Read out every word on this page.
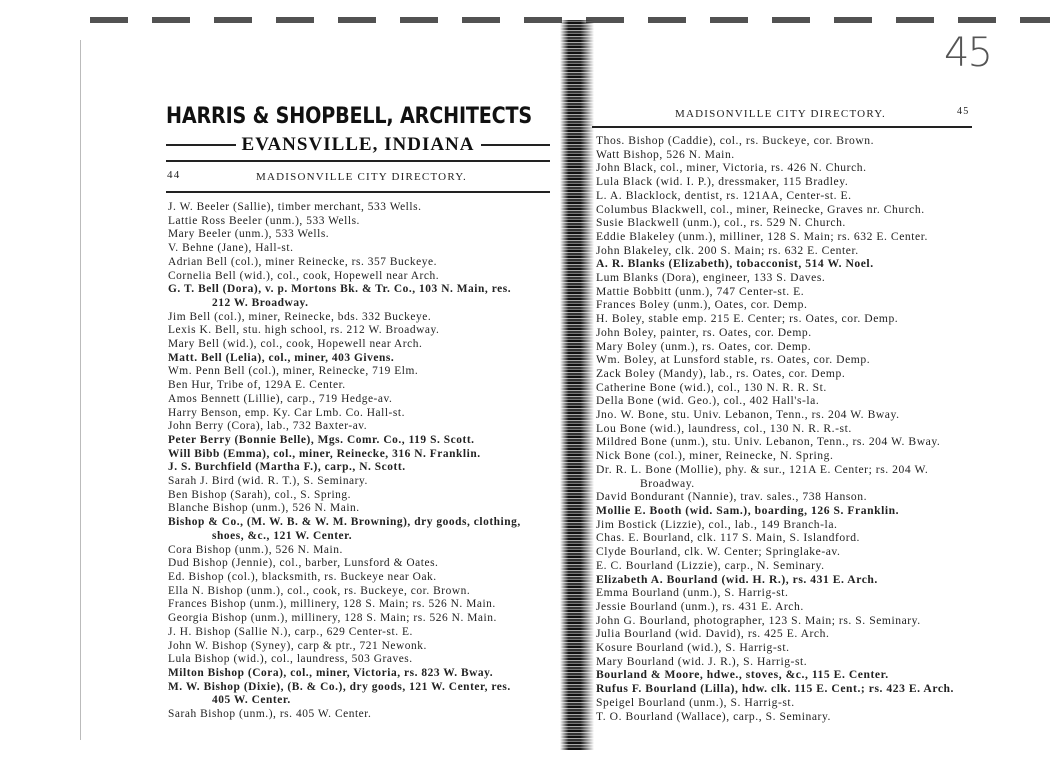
45
HARRIS & SHOPBELL, ARCHITECTS
EVANSVILLE, INDIANA
44	MADISONVILLE CITY DIRECTORY.
J. W. Beeler (Sallie), timber merchant, 533 Wells.
Lattie Ross Beeler (unm.), 533 Wells.
Mary Beeler (unm.), 533 Wells.
V. Behne (Jane), Hall-st.
Adrian Bell (col.), miner Reinecke, rs. 357 Buckeye.
Cornelia Bell (wid.), col., cook, Hopewell near Arch.
G. T. Bell (Dora), v. p. Mortons Bk. & Tr. Co., 103 N. Main, res.
212 W. Broadway.
Jim Bell (col.), miner, Reinecke, bds. 332 Buckeye.
Lexis K. Bell, stu. high school, rs. 212 W. Broadway.
Mary Bell (wid.), col., cook, Hopewell near Arch.
Matt. Bell (Lelia), col., miner, 403 Givens.
Wm. Penn Bell (col.), miner, Reinecke, 719 Elm.
Ben Hur, Tribe of, 129A E. Center.
Amos Bennett (Lillie), carp., 719 Hedge-av.
Harry Benson, emp. Ky. Car Lmb. Co. Hall-st.
John Berry (Cora), lab., 732 Baxter-av.
Peter Berry (Bonnie Belle), Mgs. Comr. Co., 119 S. Scott.
Will Bibb (Emma), col., miner, Reinecke, 316 N. Franklin.
J. S. Burchfield (Martha F.), carp., N. Scott.
Sarah J. Bird (wid. R. T.), S. Seminary.
Ben Bishop (Sarah), col., S. Spring.
Blanche Bishop (unm.), 526 N. Main.
Bishop & Co., (M. W. B. & W. M. Browning), dry goods, clothing,
shoes, &c., 121 W. Center.
Cora Bishop (unm.), 526 N. Main.
Dud Bishop (Jennie), col., barber, Lunsford & Oates.
Ed. Bishop (col.), blacksmith, rs. Buckeye near Oak.
Ella N. Bishop (unm.), col., cook, rs. Buckeye, cor. Brown.
Frances Bishop (unm.), millinery, 128 S. Main; rs. 526 N. Main.
Georgia Bishop (unm.), millinery, 128 S. Main; rs. 526 N. Main.
J. H. Bishop (Sallie N.), carp., 629 Center-st. E.
John W. Bishop (Syney), carp & ptr., 721 Newonk.
Lula Bishop (wid.), col., laundress, 503 Graves.
Milton Bishop (Cora), col., miner, Victoria, rs. 823 W. Bway.
M. W. Bishop (Dixie), (B. & Co.), dry goods, 121 W. Center, res.
405 W. Center.
Sarah Bishop (unm.), rs. 405 W. Center.
MADISONVILLE CITY DIRECTORY.	45
Thos. Bishop (Caddie), col., rs. Buckeye, cor. Brown.
Watt Bishop, 526 N. Main.
John Black, col., miner, Victoria, rs. 426 N. Church.
Lula Black (wid. I. P.), dressmaker, 115 Bradley.
L. A. Blacklock, dentist, rs. 121AA, Center-st. E.
Columbus Blackwell, col., miner, Reinecke, Graves nr. Church.
Susie Blackwell (unm.), col., rs. 529 N. Church.
Eddie Blakeley (unm.), milliner, 128 S. Main; rs. 632 E. Center.
John Blakeley, clk. 200 S. Main; rs. 632 E. Center.
A. R. Blanks (Elizabeth), tobacconist, 514 W. Noel.
Lum Blanks (Dora), engineer, 133 S. Daves.
Mattie Bobbitt (unm.), 747 Center-st. E.
Frances Boley (unm.), Oates, cor. Demp.
H. Boley, stable emp. 215 E. Center; rs. Oates, cor. Demp.
John Boley, painter, rs. Oates, cor. Demp.
Mary Boley (unm.), rs. Oates, cor. Demp.
Wm. Boley, at Lunsford stable, rs. Oates, cor. Demp.
Zack Boley (Mandy), lab., rs. Oates, cor. Demp.
Catherine Bone (wid.), col., 130 N. R. R. St.
Della Bone (wid. Geo.), col., 402 Hall's-la.
Jno. W. Bone, stu. Univ. Lebanon, Tenn., rs. 204 W. Bway.
Lou Bone (wid.), laundress, col., 130 N. R. R.-st.
Mildred Bone (unm.), stu. Univ. Lebanon, Tenn., rs. 204 W. Bway.
Nick Bone (col.), miner, Reinecke, N. Spring.
Dr. R. L. Bone (Mollie), phy. & sur., 121A E. Center; rs. 204 W.
Broadway.
David Bondurant (Nannie), trav. sales., 738 Hanson.
Mollie E. Booth (wid. Sam.), boarding, 126 S. Franklin.
Jim Bostick (Lizzie), col., lab., 149 Branch-la.
Chas. E. Bourland, clk. 117 S. Main, S. Islandford.
Clyde Bourland, clk. W. Center; Springlake-av.
E. C. Bourland (Lizzie), carp., N. Seminary.
Elizabeth A. Bourland (wid. H. R.), rs. 431 E. Arch.
Emma Bourland (unm.), S. Harrig-st.
Jessie Bourland (unm.), rs. 431 E. Arch.
John G. Bourland, photographer, 123 S. Main; rs. S. Seminary.
Julia Bourland (wid. David), rs. 425 E. Arch.
Kosure Bourland (wid.), S. Harrig-st.
Mary Bourland (wid. J. R.), S. Harrig-st.
Bourland & Moore, hdwe., stoves, &c., 115 E. Center.
Rufus F. Bourland (Lilla), hdw. clk. 115 E. Cent.; rs. 423 E. Arch.
Speigel Bourland (unm.), S. Harrig-st.
T. O. Bourland (Wallace), carp., S. Seminary.
